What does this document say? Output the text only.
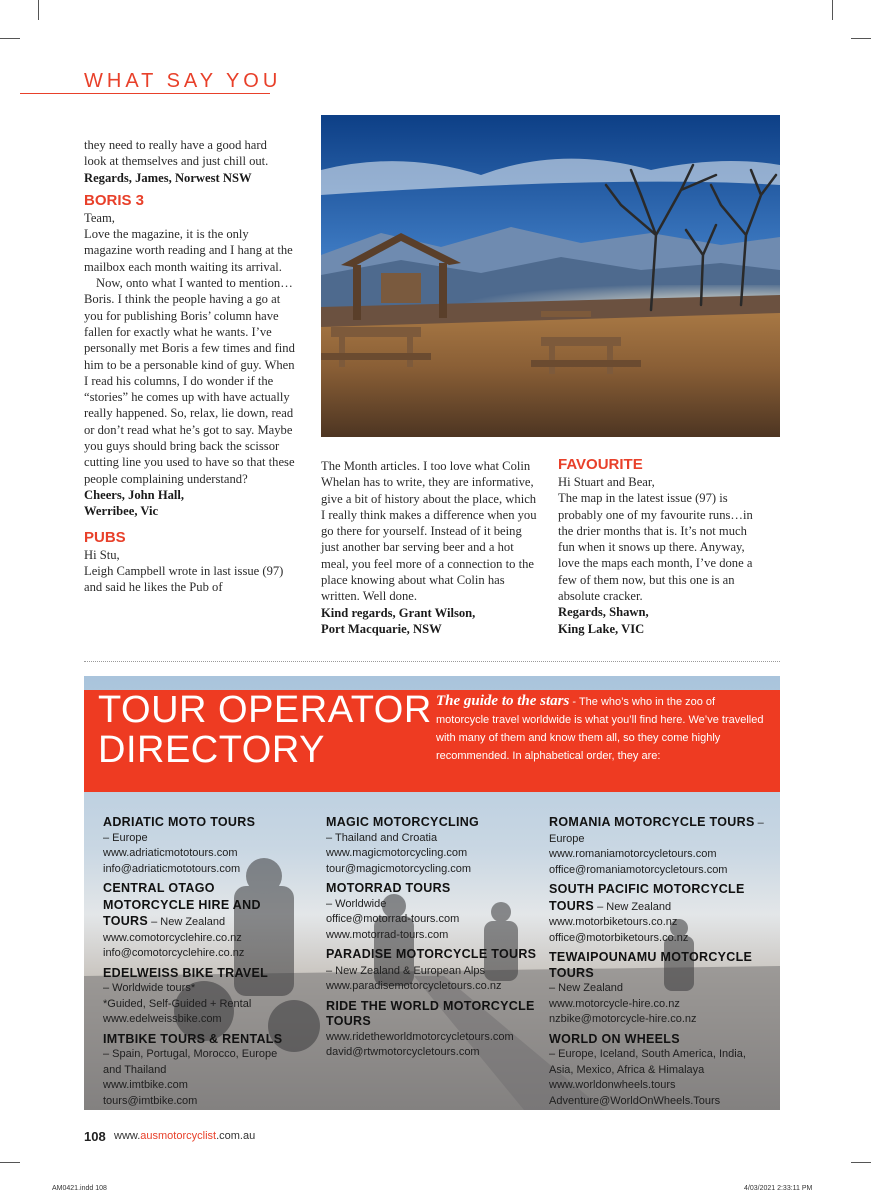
WHAT SAY YOU

they need to really have a good hard

look at themselves and just chill out.

Regards, James, Norwest NSW

BORIS 3

Team,

Love the magazine, it is the only magazine worth reading and I hang at the mailbox each month waiting its arrival.

Now, onto what I wanted to mention…Boris. I think the people having a go at you for publishing Boris’ column have fallen for exactly what he wants. I’ve personally met Boris a few times and find him to be a personable kind of guy. When I read his columns, I do wonder if the “stories” he comes up with have actually really happened. So, relax, lie down, read or don’t read what he’s got to say. Maybe you guys should bring back the scissor cutting line you used to have so that these people complaining understand?

Cheers, John Hall,

Werribee, Vic

PUBS

Hi Stu,

Leigh Campbell wrote in last issue (97) and said he likes the Pub of

The Month articles. I too love what Colin Whelan has to write, they are informative, give a bit of history about the place, which I really think makes a difference when you go there for yourself. Instead of it being just another bar serving beer and a hot meal, you feel more of a connection to the place knowing about what Colin has written. Well done.

Kind regards, Grant Wilson,

Port Macquarie, NSW

FAVOURITE

Hi Stuart and Bear,

The map in the latest issue (97) is probably one of my favourite runs…in the drier months that is. It’s not much fun when it snows up there. Anyway, love the maps each month, I’ve done a few of them now, but this one is an absolute cracker.

Regards, Shawn,

King Lake, VIC

TOUR OPERATOR
DIRECTORY
The guide to the stars - The who’s who in the zoo of motorcycle travel worldwide is what you’ll find here. We’ve travelled with many of them and know them all, so they come highly recommended. In alphabetical order, they are:
ADRIATIC MOTO TOURS
– Europe
www.adriaticmototours.com
info@adriaticmototours.com
CENTRAL OTAGO MOTORCYCLE HIRE AND TOURS – New Zealand
www.comotorcyclehire.co.nz
info@comotorcyclehire.co.nz
EDELWEISS BIKE TRAVEL
– Worldwide tours*
*Guided, Self-Guided + Rental
www.edelweissbike.com
IMTBIKE TOURS & RENTALS
– Spain, Portugal, Morocco, Europe and Thailand
www.imtbike.com
tours@imtbike.com
MAGIC MOTORCYCLING
– Thailand and Croatia
www.magicmotorcycling.com
tour@magicmotorcycling.com
MOTORRAD TOURS
– Worldwide
office@motorrad-tours.com
www.motorrad-tours.com
PARADISE MOTORCYCLE TOURS – New Zealand & European Alps
www.paradisemotorcycletours.co.nz
RIDE THE WORLD MOTORCYCLE TOURS
www.ridetheworldmotorcycletours.com
david@rtwmotorcycletours.com
ROMANIA MOTORCYCLE TOURS – Europe
www.romaniamotorcycletours.com
office@romaniamotorcycletours.com
SOUTH PACIFIC MOTORCYCLE TOURS – New Zealand
www.motorbiketours.co.nz
office@motorbiketours.co.nz
TEWAIPOUNAMU MOTORCYCLE TOURS
– New Zealand
www.motorcycle-hire.co.nz
nzbike@motorcycle-hire.co.nz
WORLD ON WHEELS
– Europe, Iceland, South America, India, Asia, Mexico, Africa & Himalaya
www.worldonwheels.tours
Adventure@WorldOnWheels.Tours
108 www.ausmotorcyclist.com.au
AM0421.indd 108	4/03/2021 2:33:11 PM
